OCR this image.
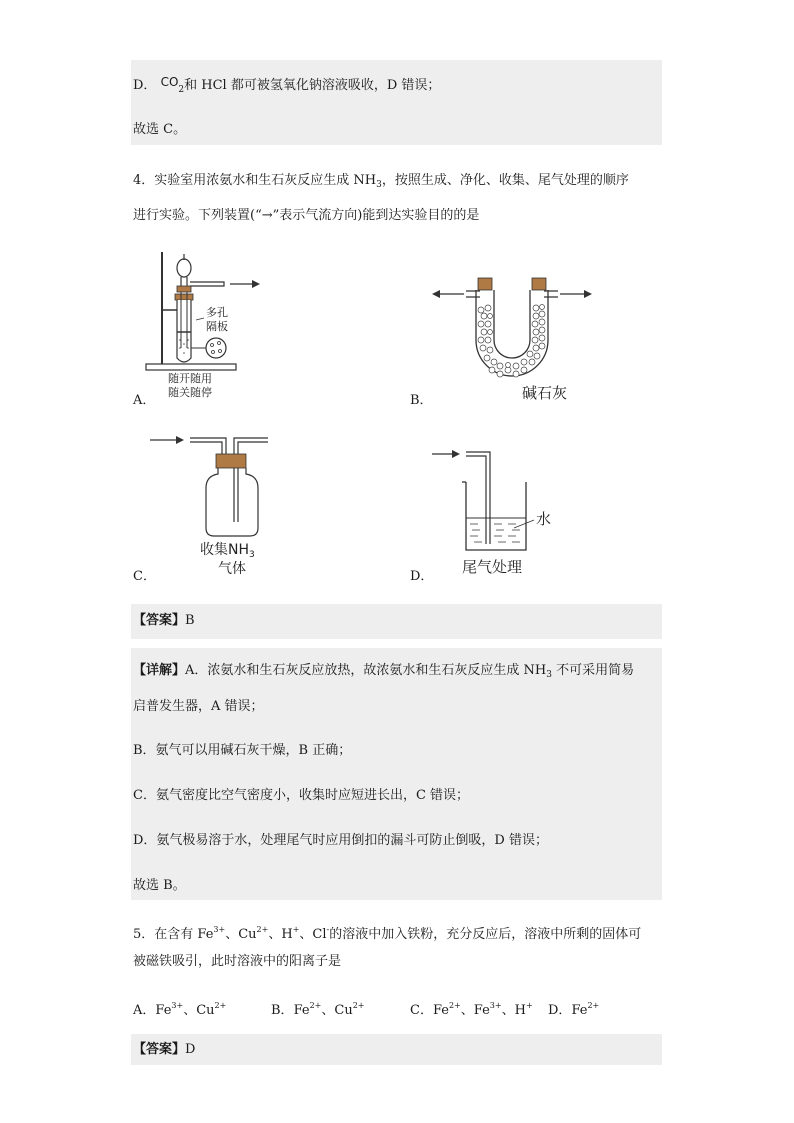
D． $CO_2$和 HCl 都可被氢氧化钠溶液吸收，D 错误；
故选 C。
4．实验室用浓氨水和生石灰反应生成 $NH_3$，按照生成、净化、收集、尾气处理的顺序
进行实验。下列装置(“→”表示气流方向)能到达实验目的的是
多孔
隔板
随开随用
随关随停
A．	碱石灰
B．
收集$NH_3$
气体
C．
水
尾气处理
D．
【答案】B
【详解】A．浓氨水和生石灰反应放热，故浓氨水和生石灰反应生成 $NH_3$ 不可采用简易
启普发生器，A 错误；
B．氨气可以用碱石灰干燥，B 正确；
C．氨气密度比空气密度小，收集时应短进长出，C 错误；
D．氨气极易溶于水，处理尾气时应用倒扣的漏斗可防止倒吸，D 错误；
故选 B。
5．在含有 $Fe^{3+}$、$Cu^{2+}$、H+、Cl-的溶液中加入铁粉，充分反应后，溶液中所剩的固体可
被磁铁吸引，此时溶液中的阳离子是
A．$Fe^{3+}$、$Cu^{2+}$	B．$Fe^{2+}$、$Cu^{2+}$	C．$Fe^{2+}$、$Fe^{3+}$、H+ D．$Fe^{2+}$
【答案】D
